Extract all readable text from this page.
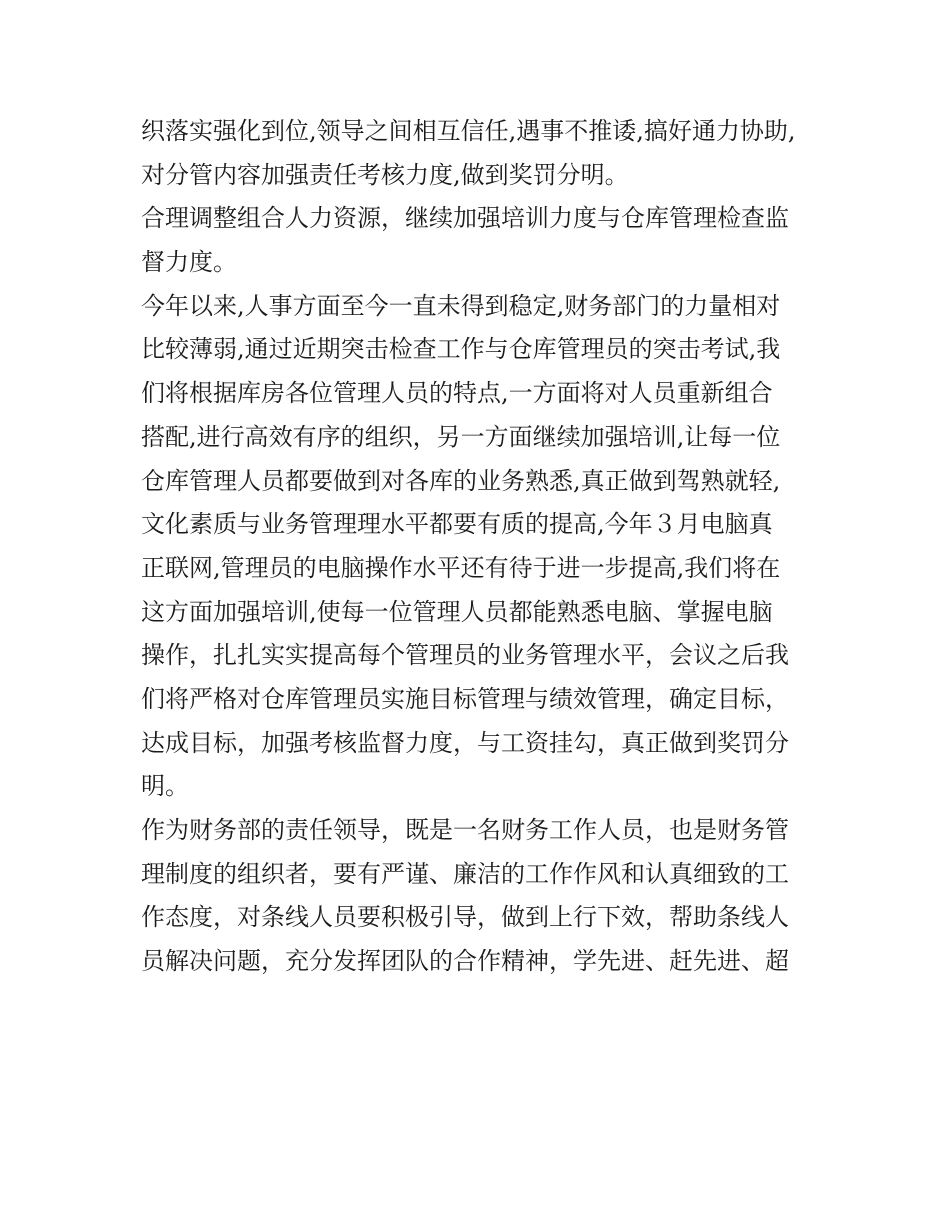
织落实强化到位,领导之间相互信任,遇事不推诿,搞好通力协助,
对分管内容加强责任考核力度,做到奖罚分明。
合理调整组合人力资源，继续加强培训力度与仓库管理检查监
督力度。
今年以来,人事方面至今一直未得到稳定,财务部门的力量相对
比较薄弱,通过近期突击检查工作与仓库管理员的突击考试,我
们将根据库房各位管理人员的特点,一方面将对人员重新组合
搭配,进行高效有序的组织，另一方面继续加强培训,让每一位
仓库管理人员都要做到对各库的业务熟悉,真正做到驾熟就轻,
文化素质与业务管理理水平都要有质的提高,今年３月电脑真
正联网,管理员的电脑操作水平还有待于进一步提高,我们将在
这方面加强培训,使每一位管理人员都能熟悉电脑、掌握电脑
操作，扎扎实实提高每个管理员的业务管理水平，会议之后我
们将严格对仓库管理员实施目标管理与绩效管理，确定目标，
达成目标，加强考核监督力度，与工资挂勾，真正做到奖罚分
明。
作为财务部的责任领导，既是一名财务工作人员，也是财务管
理制度的组织者，要有严谨、廉洁的工作作风和认真细致的工
作态度，对条线人员要积极引导，做到上行下效，帮助条线人
员解决问题，充分发挥团队的合作精神，学先进、赶先进、超
